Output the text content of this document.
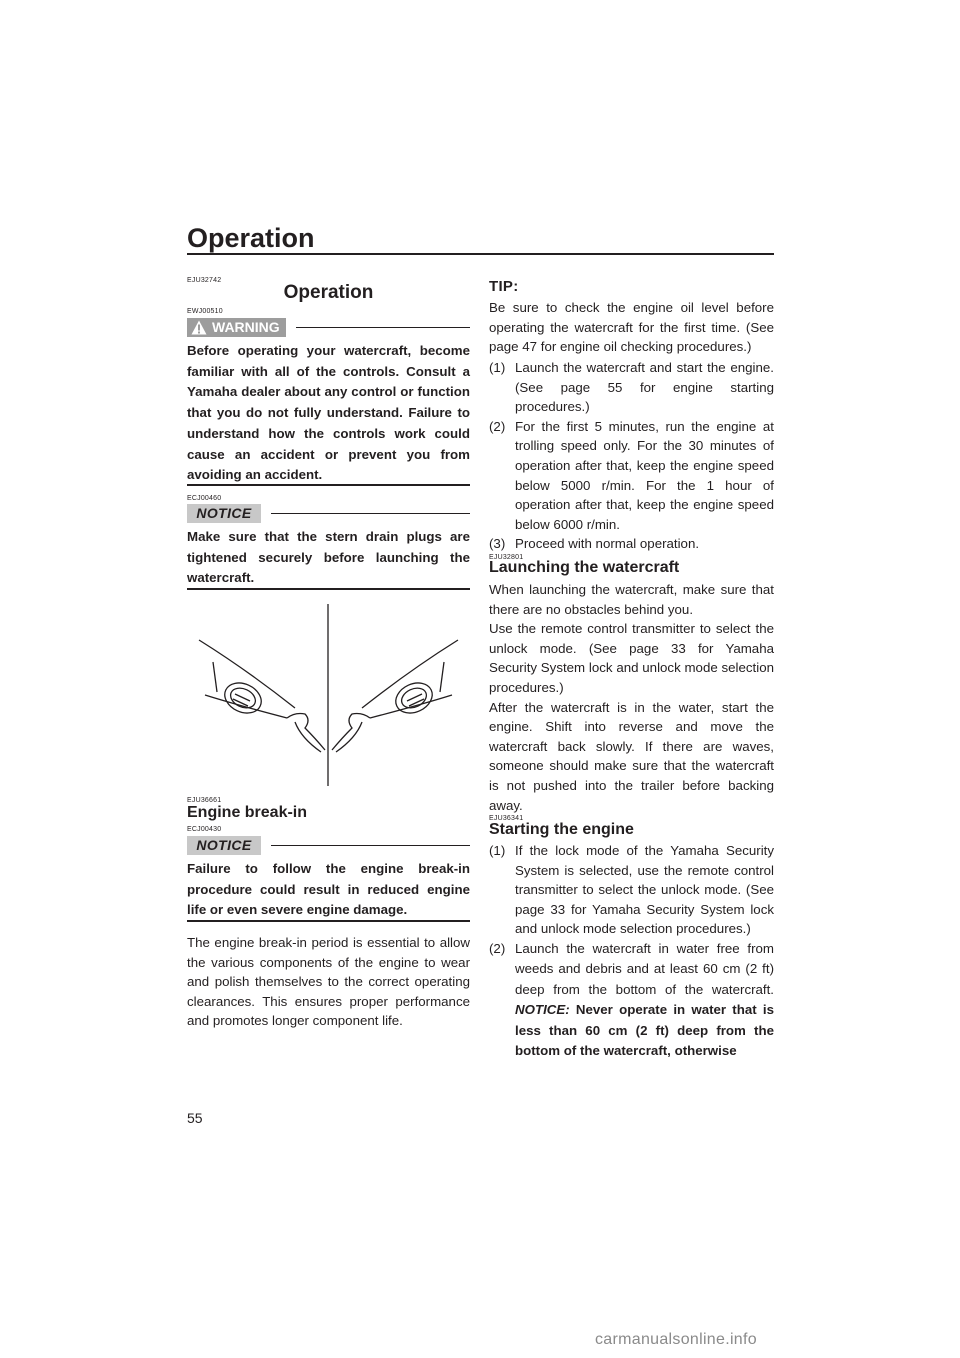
Operation
EJU32742
Operation
EWJ00510
WARNING

Before operating your watercraft, become familiar with all of the controls. Consult a Yamaha dealer about any control or function that you do not fully understand. Failure to understand how the controls work could cause an accident or prevent you from avoiding an accident.

ECJ00460
NOTICE

Make sure that the stern drain plugs are tightened securely before launching the watercraft.

EJU36661
Engine break-in
ECJ00430
NOTICE

Failure to follow the engine break-in procedure could result in reduced engine life or even severe engine damage.

The engine break-in period is essential to allow the various components of the engine to wear and polish themselves to the correct operating clearances. This ensures proper performance and promotes longer component life.

TIP:

Be sure to check the engine oil level before operating the watercraft for the first time. (See page 47 for engine oil checking procedures.)

(1) Launch the watercraft and start the engine. (See page 55 for engine starting procedures.)
(2) For the first 5 minutes, run the engine at trolling speed only. For the 30 minutes of operation after that, keep the engine speed below 5000 r/min. For the 1 hour of operation after that, keep the engine speed below 6000 r/min.
(3) Proceed with normal operation.
EJU32801
Launching the watercraft

When launching the watercraft, make sure that there are no obstacles behind you.

Use the remote control transmitter to select the unlock mode. (See page 33 for Yamaha Security System lock and unlock mode selection procedures.)

After the watercraft is in the water, start the engine. Shift into reverse and move the watercraft back slowly. If there are waves, someone should make sure that the watercraft is not pushed into the trailer before backing away.

EJU36341
Starting the engine
(1) If the lock mode of the Yamaha Security System is selected, use the remote control transmitter to select the unlock mode. (See page 33 for Yamaha Security System lock and unlock mode selection procedures.)
(2) Launch the watercraft in water free from weeds and debris and at least 60 cm (2 ft) deep from the bottom of the watercraft. NOTICE: Never operate in water that is less than 60 cm (2 ft) deep from the bottom of the watercraft, otherwise
55
carmanualsonline.info
